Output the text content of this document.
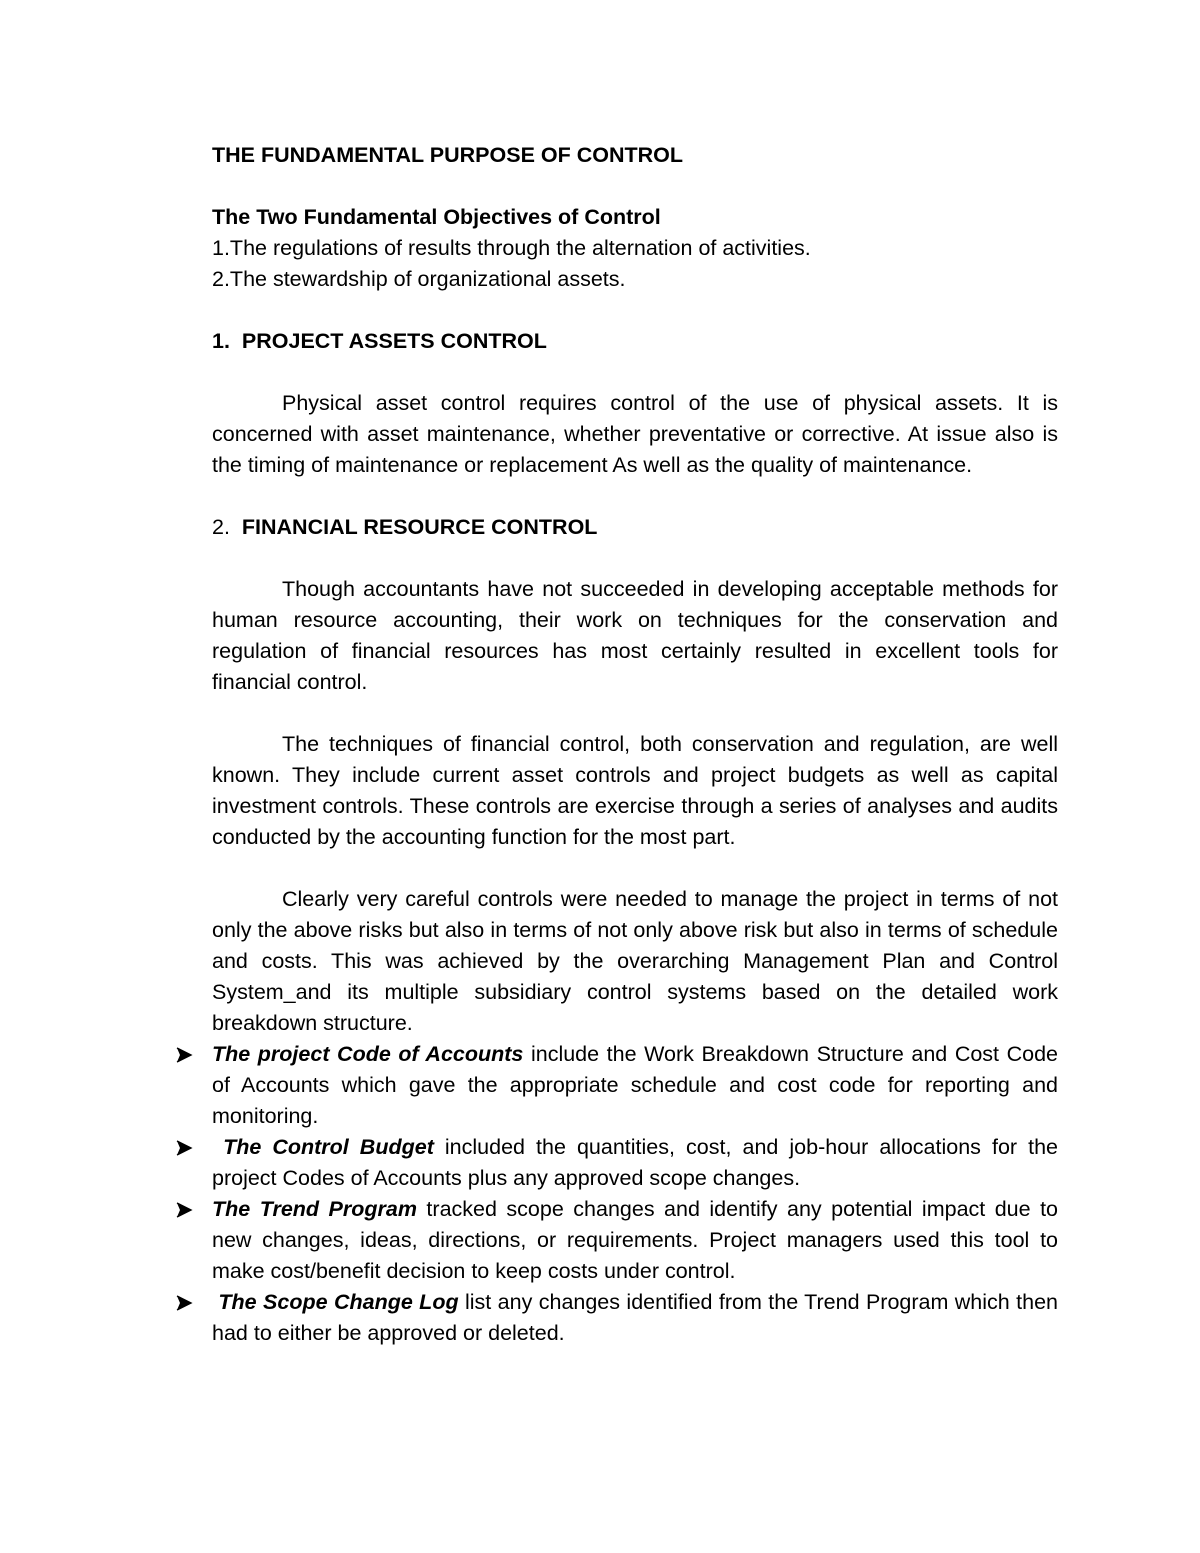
THE FUNDAMENTAL PURPOSE OF CONTROL
The Two Fundamental Objectives of Control
1.The regulations of results through the alternation of activities.
2.The stewardship of organizational assets.
1. PROJECT ASSETS CONTROL

Physical asset control requires control of the use of physical assets. It is concerned with asset maintenance, whether preventative or corrective. At issue also is the timing of maintenance or replacement As well as the quality of maintenance.

2. FINANCIAL RESOURCE CONTROL

Though accountants have not succeeded in developing acceptable methods for human resource accounting, their work on techniques for the conservation and regulation of financial resources has most certainly resulted in excellent tools for financial control.

The techniques of financial control, both conservation and regulation, are well known. They include current asset controls and project budgets as well as capital investment controls. These controls are exercise through a series of analyses and audits conducted by the accounting function for the most part.

Clearly very careful controls were needed to manage the project in terms of not only the above risks but also in terms of not only above risk but also in terms of schedule and costs. This was achieved by the overarching Management Plan and Control System_and its multiple subsidiary control systems based on the detailed work breakdown structure.

The project Code of Accounts include the Work Breakdown Structure and Cost Code of Accounts which gave the appropriate schedule and cost code for reporting and monitoring.
The Control Budget included the quantities, cost, and job-hour allocations for the project Codes of Accounts plus any approved scope changes.
The Trend Program tracked scope changes and identify any potential impact due to new changes, ideas, directions, or requirements. Project managers used this tool to make cost/benefit decision to keep costs under control.
The Scope Change Log list any changes identified from the Trend Program which then had to either be approved or deleted.
